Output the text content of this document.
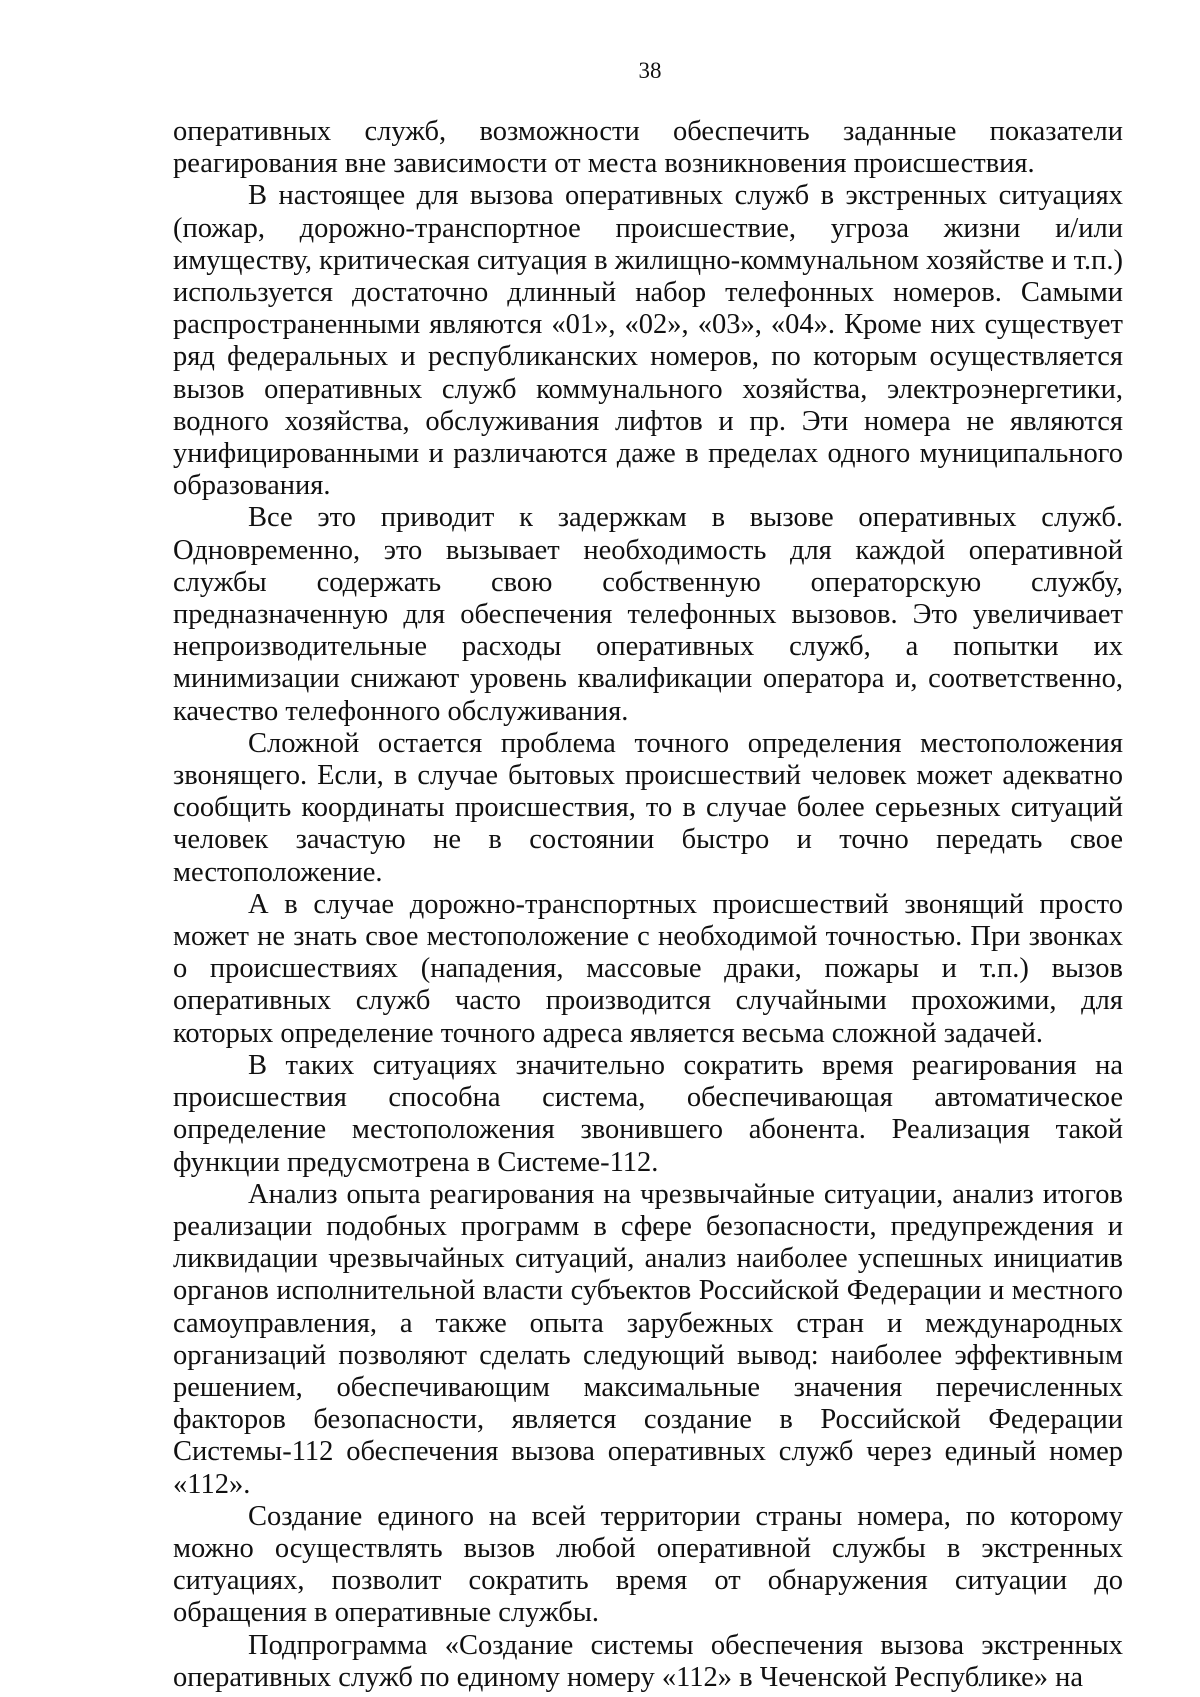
38

оперативных служб, возможности обеспечить заданные показатели реагирования вне зависимости от места возникновения происшествия.

В настоящее для вызова оперативных служб в экстренных ситуациях (пожар, дорожно-транспортное происшествие, угроза жизни и/или имуществу, критическая ситуация в жилищно-коммунальном хозяйстве и т.п.) используется достаточно длинный набор телефонных номеров. Самыми распространенными являются «01», «02», «03», «04». Кроме них существует ряд федеральных и республиканских номеров, по которым осуществляется вызов оперативных служб коммунального хозяйства, электроэнергетики, водного хозяйства, обслуживания лифтов и пр. Эти номера не являются унифицированными и различаются даже в пределах одного муниципального образования.

Все это приводит к задержкам в вызове оперативных служб. Одновременно, это вызывает необходимость для каждой оперативной службы содержать свою собственную операторскую службу, предназначенную для обеспечения телефонных вызовов. Это увеличивает непроизводительные расходы оперативных служб, а попытки их минимизации снижают уровень квалификации оператора и, соответственно, качество телефонного обслуживания.

Сложной остается проблема точного определения местоположения звонящего. Если, в случае бытовых происшествий человек может адекватно сообщить координаты происшествия, то в случае более серьезных ситуаций человек зачастую не в состоянии быстро и точно передать свое местоположение.

А в случае дорожно-транспортных происшествий звонящий просто может не знать свое местоположение с необходимой точностью. При звонках о происшествиях (нападения, массовые драки, пожары и т.п.) вызов оперативных служб часто производится случайными прохожими, для которых определение точного адреса является весьма сложной задачей.

В таких ситуациях значительно сократить время реагирования на происшествия способна система, обеспечивающая автоматическое определение местоположения звонившего абонента. Реализация такой функции предусмотрена в Системе-112.

Анализ опыта реагирования на чрезвычайные ситуации, анализ итогов реализации подобных программ в сфере безопасности, предупреждения и ликвидации чрезвычайных ситуаций, анализ наиболее успешных инициатив органов исполнительной власти субъектов Российской Федерации и местного самоуправления, а также опыта зарубежных стран и международных организаций позволяют сделать следующий вывод: наиболее эффективным решением, обеспечивающим максимальные значения перечисленных факторов безопасности, является создание в Российской Федерации Системы-112 обеспечения вызова оперативных служб через единый номер «112».

Создание единого на всей территории страны номера, по которому можно осуществлять вызов любой оперативной службы в экстренных ситуациях, позволит сократить время от обнаружения ситуации до обращения в оперативные службы.

Подпрограмма «Создание системы обеспечения вызова экстренных оперативных служб по единому номеру «112» в Чеченской Республике» на
